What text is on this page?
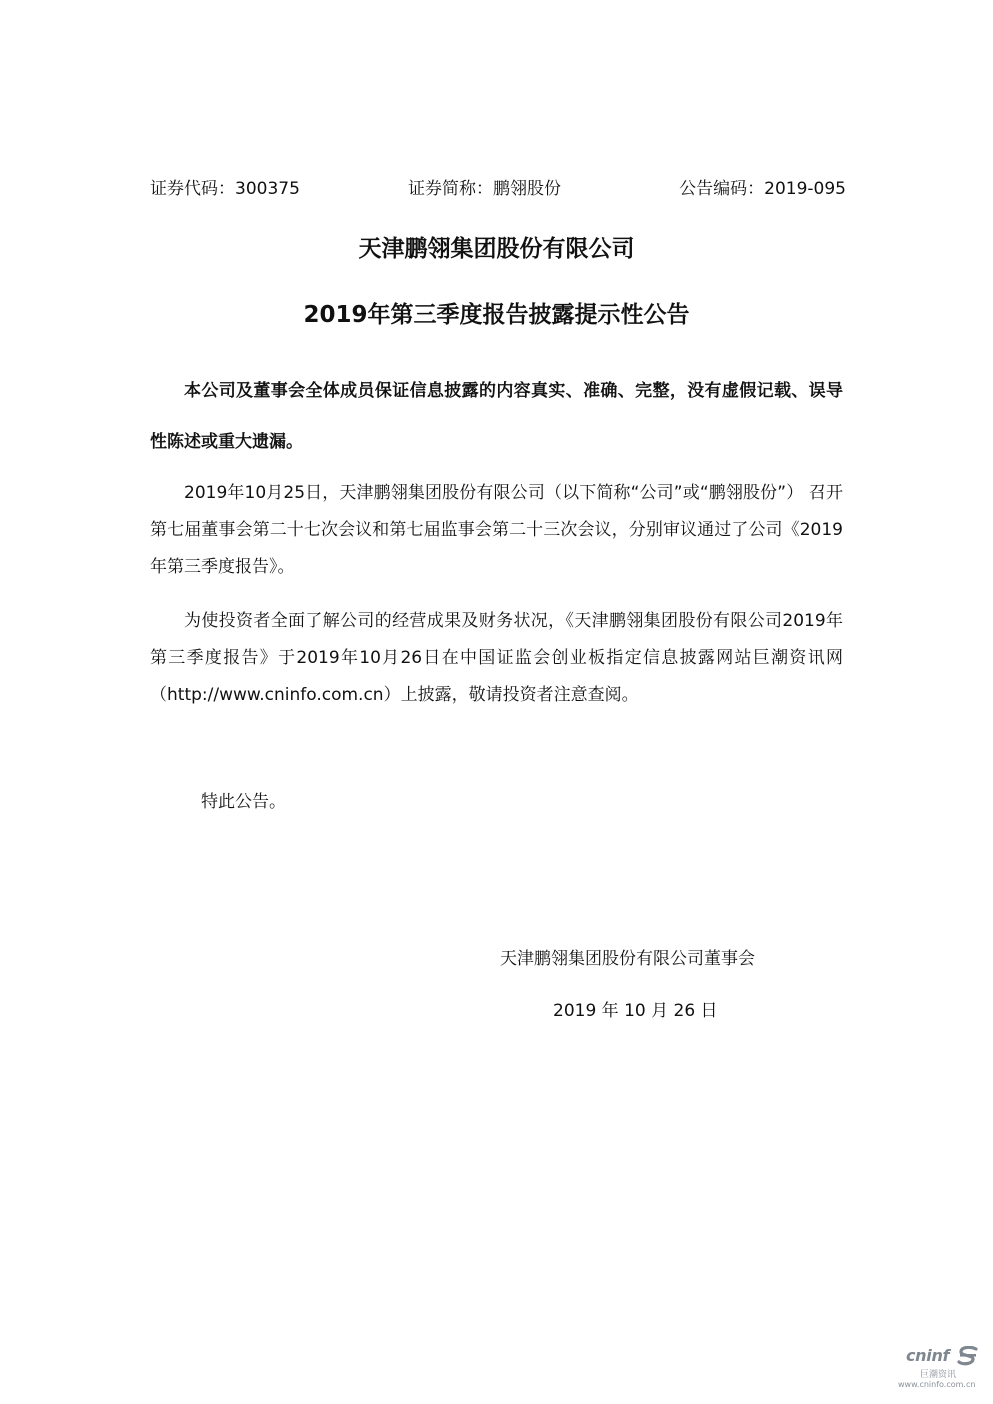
证券代码：300375	证券简称：鹏翎股份	公告编码：2019-095
天津鹏翎集团股份有限公司
2019年第三季度报告披露提示性公告

本公司及董事会全体成员保证信息披露的内容真实、准确、完整，没有虚假记载、误导性陈述或重大遗漏。

2019年10月25日，天津鹏翎集团股份有限公司（以下简称“公司”或“鹏翎股份”） 召开第七届董事会第二十七次会议和第七届监事会第二十三次会议，分别审议通过了公司《2019年第三季度报告》。

为使投资者全面了解公司的经营成果及财务状况，《天津鹏翎集团股份有限公司2019年第三季度报告》于2019年10月26日在中国证监会创业板指定信息披露网站巨潮资讯网（http://www.cninfo.com.cn）上披露，敬请投资者注意查阅。

特此公告。
天津鹏翎集团股份有限公司董事会
2019 年 10 月 26 日
cninf
巨潮资讯
www.cninfo.com.cn
